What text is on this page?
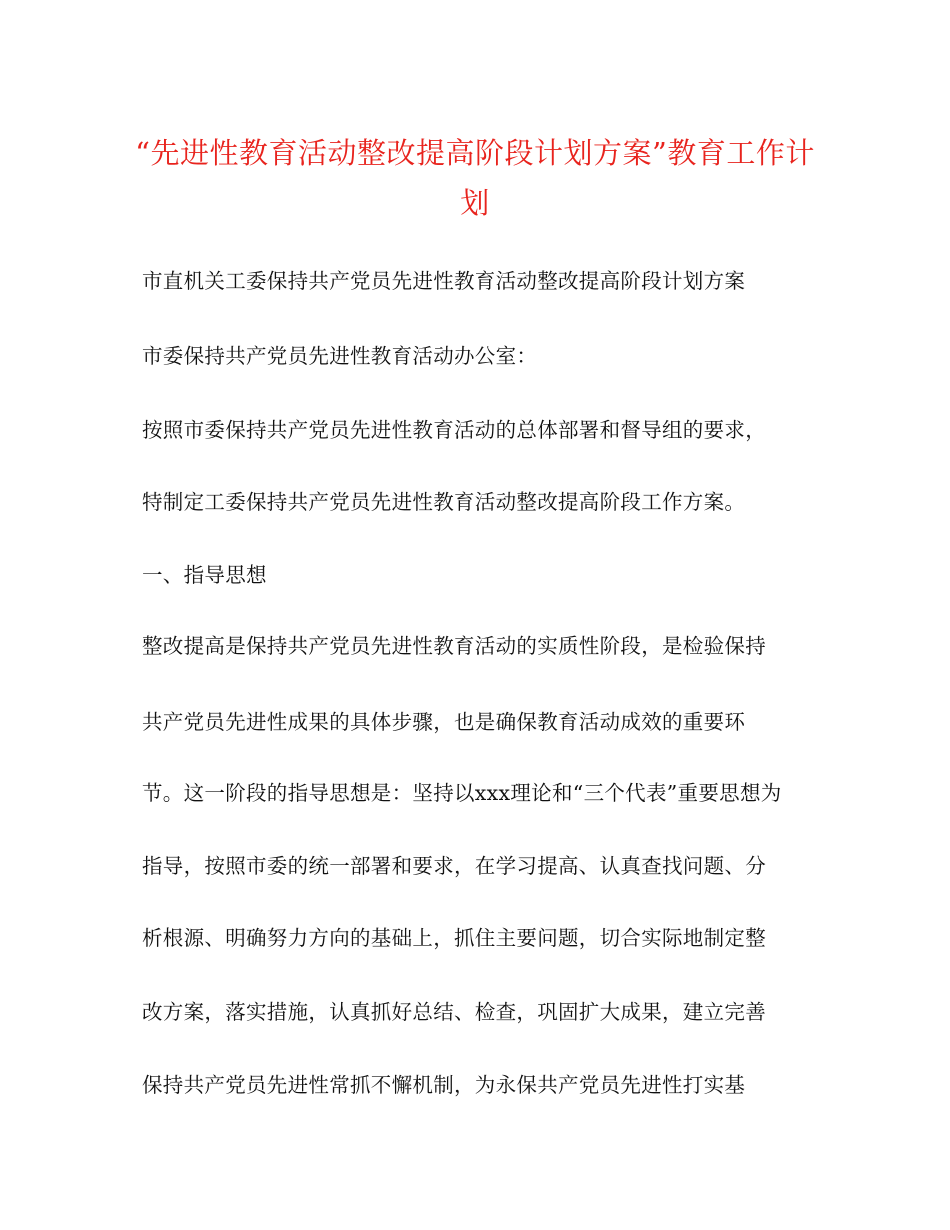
“先进性教育活动整改提高阶段计划方案”教育工作计划
市直机关工委保持共产党员先进性教育活动整改提高阶段计划方案
市委保持共产党员先进性教育活动办公室：
按照市委保持共产党员先进性教育活动的总体部署和督导组的要求，
特制定工委保持共产党员先进性教育活动整改提高阶段工作方案。
一、指导思想
整改提高是保持共产党员先进性教育活动的实质性阶段，是检验保持
共产党员先进性成果的具体步骤，也是确保教育活动成效的重要环
节。这一阶段的指导思想是：坚持以xxx理论和“三个代表”重要思想为
指导，按照市委的统一部署和要求，在学习提高、认真查找问题、分
析根源、明确努力方向的基础上，抓住主要问题，切合实际地制定整
改方案，落实措施，认真抓好总结、检查，巩固扩大成果，建立完善
保持共产党员先进性常抓不懈机制，为永保共产党员先进性打实基
